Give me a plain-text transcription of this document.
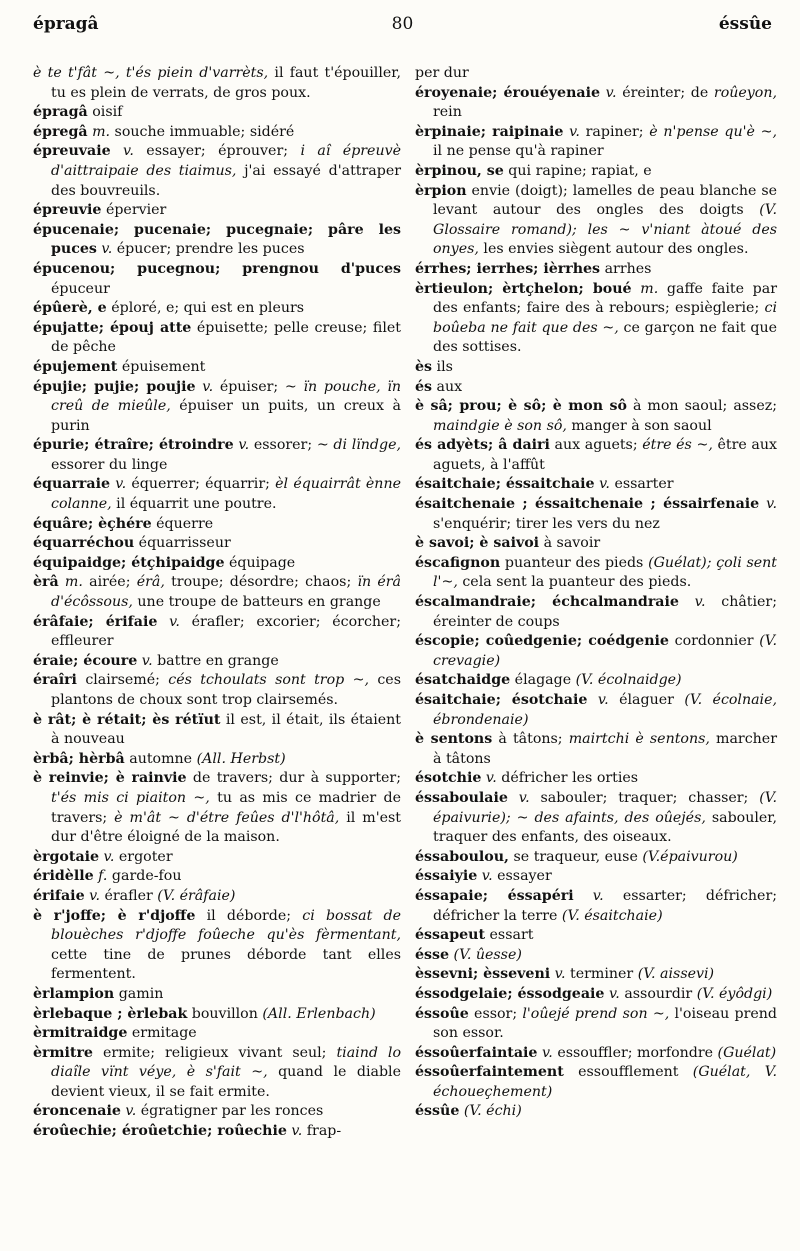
épragâ	80	éssûe
è te t'fât ~, t'és piein d'varrèts, il faut t'épouiller, tu es plein de verrats, de gros poux.
épragâ oisif
épregâ m. souche immuable; sidéré
épreuvaie v. essayer; éprouver; i aî épreuvè d'aittraipaie des tiaimus, j'ai essayé d'attraper des bouvreuils.
épreuvie épervier
épucenaie; pucenaie; pucegnaie; pâre les puces v. épucer; prendre les puces
épucenou; pucegnou; prengnou d'puces épuceur
épûerè, e éploré, e; qui est en pleurs
épujatte; épouj atte épuisette; pelle creuse; filet de pêche
épujement épuisement
épujie; pujie; poujie v. épuiser; ~ ïn pouche, ïn creû de mieûle, épuiser un puits, un creux à purin
épurie; étraîre; étroindre v. essorer; ~ di lïndge, essorer du linge
équarraie v. équerrer; équarrir; èl équairrât ènne colanne, il équarrit une poutre.
équâre; èçhére équerre
équarréchou équarrisseur
équipaidge; étçhipaidge équipage
èrâ m. airée; érâ, troupe; désordre; chaos; ïn érâ d'écôssous, une troupe de batteurs en grange
érâfaie; érifaie v. érafler; excorier; écorcher; effleurer
éraie; écoure v. battre en grange
éraîri clairsemé; cés tchoulats sont trop ~, ces plantons de choux sont trop clairsemés.
è rât; è rétait; ès rétïut il est, il était, ils étaient à nouveau
èrbâ; hèrbâ automne (All. Herbst)
è reinvie; è rainvie de travers; dur à supporter; t'és mis ci piaiton ~, tu as mis ce madrier de travers; è m'ât ~ d'étre feûes d'l'hôtâ, il m'est dur d'être éloigné de la maison.
èrgotaie v. ergoter
éridèlle f. garde-fou
érifaie v. érafler (V. érâfaie)
è r'joffe; è r'djoffe il déborde; ci bossat de blouèches r'djoffe foûeche qu'ès fèrmentant, cette tine de prunes déborde tant elles fermentent.
èrlampion gamin
èrlebaque ; èrlebak bouvillon (All. Erlenbach)
èrmitraidge ermitage
èrmitre ermite; religieux vivant seul; tiaind lo diaîle vïnt véye, è s'fait ~, quand le diable devient vieux, il se fait ermite.
éroncenaie v. égratigner par les ronces
éroûechie; éroûetchie; roûechie v. frap-
per dur
éroyenaie; érouéyenaie v. éreinter; de roûeyon, rein
èrpinaie; raipinaie v. rapiner; è n'pense qu'è ~, il ne pense qu'à rapiner
èrpinou, se qui rapine; rapiat, e
èrpion envie (doigt); lamelles de peau blanche se levant autour des ongles des doigts (V. Glossaire romand); les ~ v'niant àtoué des onyes, les envies siègent autour des ongles.
érrhes; ierrhes; ièrrhes arrhes
èrtieulon; èrtçhelon; boué m. gaffe faite par des enfants; faire des à rebours; espièglerie; ci boûeba ne fait que des ~, ce garçon ne fait que des sottises.
ès ils
és aux
è sâ; prou; è sô; è mon sô à mon saoul; assez; maindgie è son sô, manger à son saoul
és adyèts; â dairi aux aguets; étre és ~, être aux aguets, à l'affût
ésaitchaie; éssaitchaie v. essarter
ésaitchenaie ; éssaitchenaie ; éssairfenaie v. s'enquérir; tirer les vers du nez
è savoi; è saivoi à savoir
éscafignon puanteur des pieds (Guélat); çoli sent l'~, cela sent la puanteur des pieds.
éscalmandraie; échcalmandraie v. châtier; éreinter de coups
éscopie; coûedgenie; coédgenie cordonnier (V. crevagie)
ésatchaidge élagage (V. écolnaidge)
ésaitchaie; ésotchaie v. élaguer (V. écolnaie, ébrondenaie)
è sentons à tâtons; mairtchi è sentons, marcher à tâtons
ésotchie v. défricher les orties
éssaboulaie v. sabouler; traquer; chasser; (V. épaivurie); ~ des afaints, des oûejés, sabouler, traquer des enfants, des oiseaux.
éssaboulou, se traqueur, euse (V.épaivurou)
éssaiyie v. essayer
éssapaie; éssapéri v. essarter; défricher; défricher la terre (V. ésaitchaie)
éssapeut essart
ésse (V. ûesse)
èssevni; èsseveni v. terminer (V. aissevi)
éssodgelaie; éssodgeaie v. assourdir (V. éyôdgi)
éssoûe essor; l'oûejé prend son ~, l'oiseau prend son essor.
éssoûerfaintaie v. essouffler; morfondre (Guélat)
éssoûerfaintement essoufflement (Guélat, V. échoueçhement)
éssûe (V. échi)
